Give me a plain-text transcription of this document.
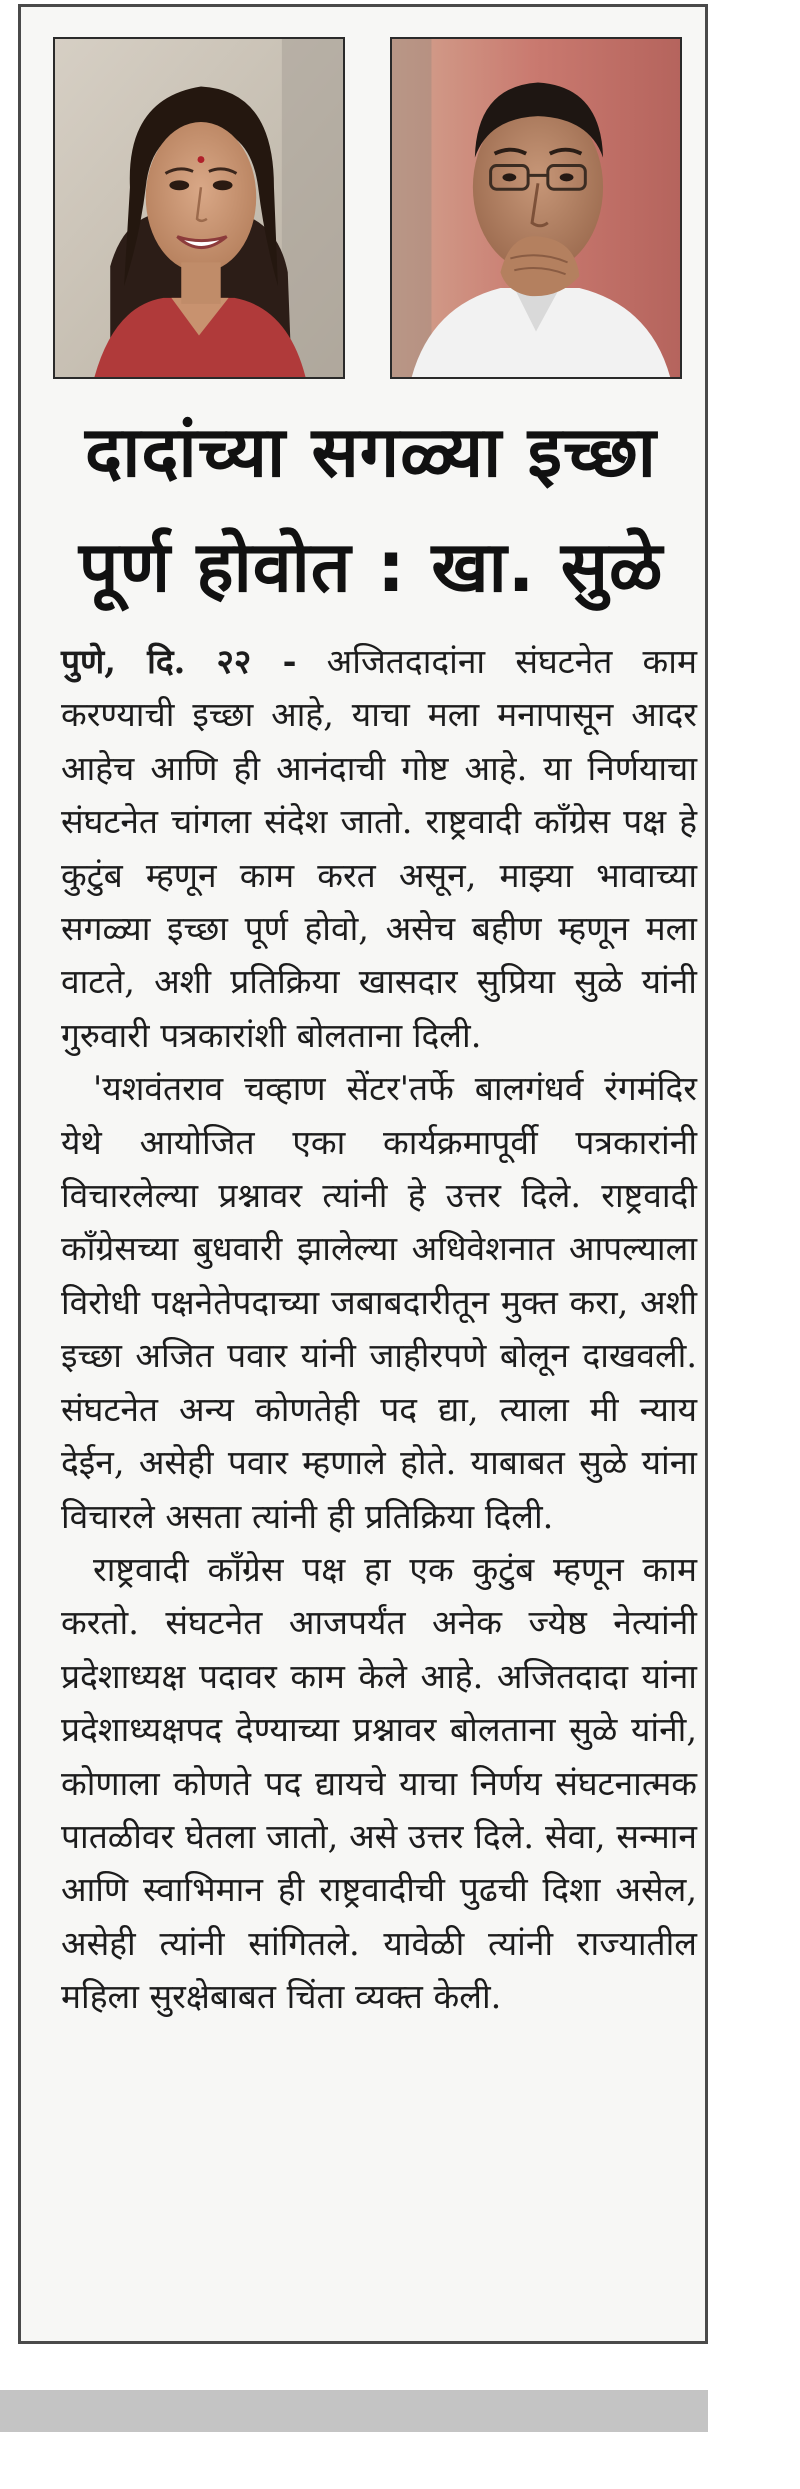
दादांच्या सगळ्या इच्छा
पूर्ण होवोत : खा. सुळे

पुणे, दि. २२ - अजितदादांना संघटनेत काम करण्याची इच्छा आहे, याचा मला मनापासून आदर आहेच आणि ही आनंदाची गोष्ट आहे. या निर्णयाचा संघटनेत चांगला संदेश जातो. राष्ट्रवादी काँग्रेस पक्ष हे कुटुंब म्हणून काम करत असून, माझ्या भावाच्या सगळ्या इच्छा पूर्ण होवो, असेच बहीण म्हणून मला वाटते, अशी प्रतिक्रिया खासदार सुप्रिया सुळे यांनी गुरुवारी पत्रकारांशी बोलताना दिली.

'यशवंतराव चव्हाण सेंटर'तर्फे बालगंधर्व रंगमंदिर येथे आयोजित एका कार्यक्रमापूर्वी पत्रकारांनी विचारलेल्या प्रश्नावर त्यांनी हे उत्तर दिले. राष्ट्रवादी काँग्रेसच्या बुधवारी झालेल्या अधिवेशनात आपल्याला विरोधी पक्षनेतेपदाच्या जबाबदारीतून मुक्त करा, अशी इच्छा अजित पवार यांनी जाहीरपणे बोलून दाखवली. संघटनेत अन्य कोणतेही पद द्या, त्याला मी न्याय देईन, असेही पवार म्हणाले होते. याबाबत सुळे यांना विचारले असता त्यांनी ही प्रतिक्रिया दिली.

राष्ट्रवादी काँग्रेस पक्ष हा एक कुटुंब म्हणून काम करतो. संघटनेत आजपर्यंत अनेक ज्येष्ठ नेत्यांनी प्रदेशाध्यक्ष पदावर काम केले आहे. अजितदादा यांना प्रदेशाध्यक्षपद देण्याच्या प्रश्नावर बोलताना सुळे यांनी, कोणाला कोणते पद द्यायचे याचा निर्णय संघटनात्मक पातळीवर घेतला जातो, असे उत्तर दिले. सेवा, सन्मान आणि स्वाभिमान ही राष्ट्रवादीची पुढची दिशा असेल, असेही त्यांनी सांगितले. यावेळी त्यांनी राज्यातील महिला सुरक्षेबाबत चिंता व्यक्त केली.
